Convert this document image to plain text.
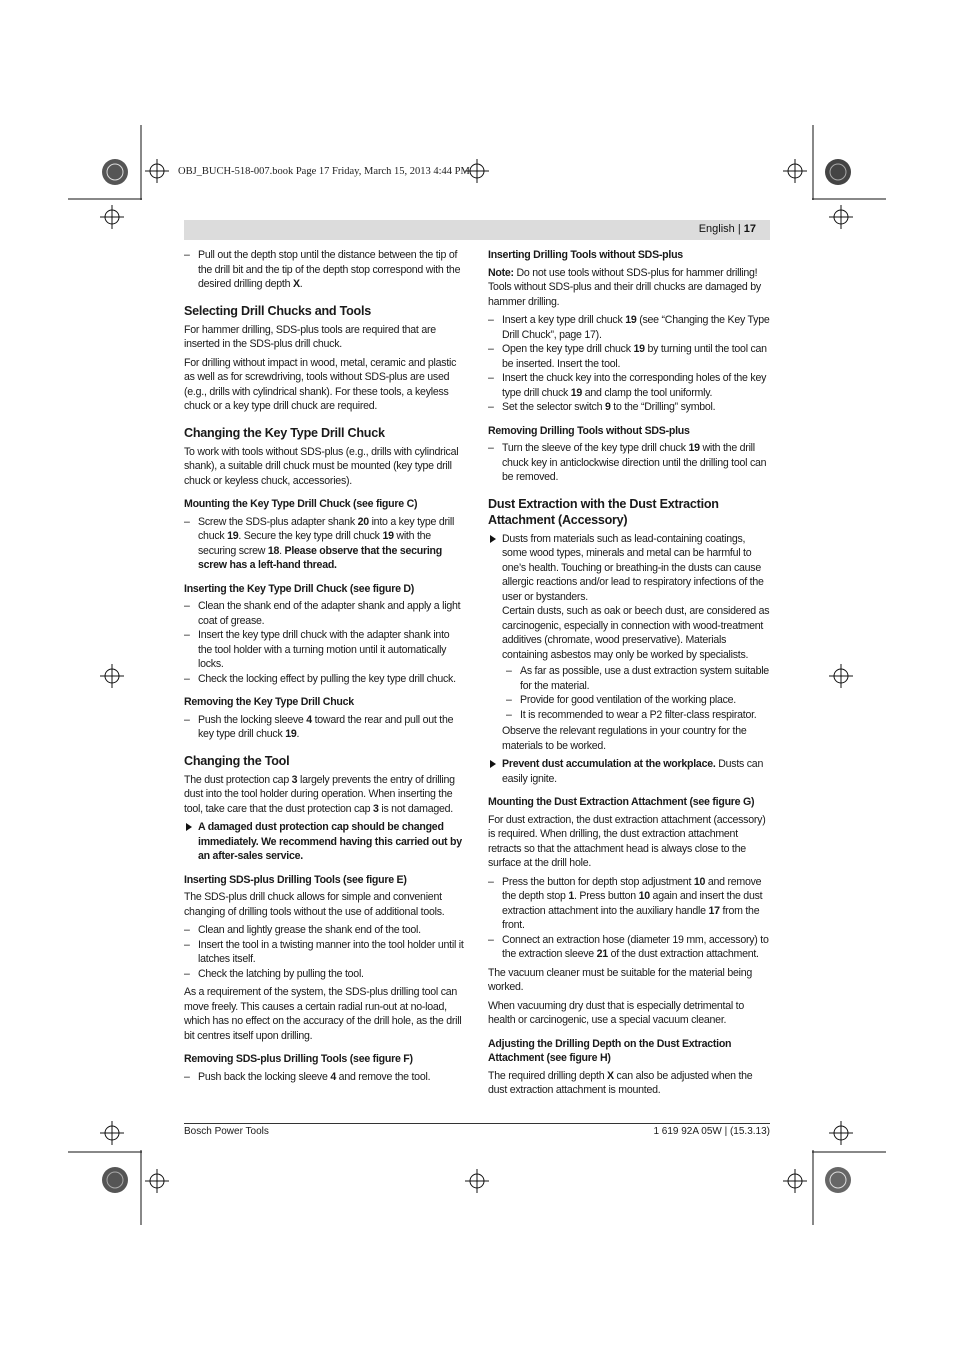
OBJ_BUCH-518-007.book Page 17 Friday, March 15, 2013 4:44 PM
English | 17
– Pull out the depth stop until the distance between the tip of the drill bit and the tip of the depth stop correspond with the desired drilling depth X.
Selecting Drill Chucks and Tools

For hammer drilling, SDS-plus tools are required that are inserted in the SDS-plus drill chuck.

For drilling without impact in wood, metal, ceramic and plastic as well as for screwdriving, tools without SDS-plus are used (e.g., drills with cylindrical shank). For these tools, a keyless chuck or a key type drill chuck are required.

Changing the Key Type Drill Chuck

To work with tools without SDS-plus (e.g., drills with cylindrical shank), a suitable drill chuck must be mounted (key type drill chuck or keyless chuck, accessories).

Mounting the Key Type Drill Chuck (see figure C)
– Screw the SDS-plus adapter shank 20 into a key type drill chuck 19. Secure the key type drill chuck 19 with the securing screw 18. Please observe that the securing screw has a left-hand thread.
Inserting the Key Type Drill Chuck (see figure D)
– Clean the shank end of the adapter shank and apply a light coat of grease.
– Insert the key type drill chuck with the adapter shank into the tool holder with a turning motion until it automatically locks.
– Check the locking effect by pulling the key type drill chuck.
Removing the Key Type Drill Chuck
– Push the locking sleeve 4 toward the rear and pull out the key type drill chuck 19.
Changing the Tool

The dust protection cap 3 largely prevents the entry of drilling dust into the tool holder during operation. When inserting the tool, take care that the dust protection cap 3 is not damaged.

A damaged dust protection cap should be changed immediately. We recommend having this carried out by an after-sales service.
Inserting SDS-plus Drilling Tools (see figure E)

The SDS-plus drill chuck allows for simple and convenient changing of drilling tools without the use of additional tools.

– Clean and lightly grease the shank end of the tool.
– Insert the tool in a twisting manner into the tool holder until it latches itself.
– Check the latching by pulling the tool.

As a requirement of the system, the SDS-plus drilling tool can move freely. This causes a certain radial run-out at no-load, which has no effect on the accuracy of the drill hole, as the drill bit centres itself upon drilling.

Removing SDS-plus Drilling Tools (see figure F)
– Push back the locking sleeve 4 and remove the tool.
Inserting Drilling Tools without SDS-plus

Note: Do not use tools without SDS-plus for hammer drilling! Tools without SDS-plus and their drill chucks are damaged by hammer drilling.

– Insert a key type drill chuck 19 (see “Changing the Key Type Drill Chuck”, page 17).
– Open the key type drill chuck 19 by turning until the tool can be inserted. Insert the tool.
– Insert the chuck key into the corresponding holes of the key type drill chuck 19 and clamp the tool uniformly.
– Set the selector switch 9 to the “Drilling” symbol.
Removing Drilling Tools without SDS-plus
– Turn the sleeve of the key type drill chuck 19 with the drill chuck key in anticlockwise direction until the drilling tool can be removed.
Dust Extraction with the Dust Extraction Attachment (Accessory)
Dusts from materials such as lead-containing coatings, some wood types, minerals and metal can be harmful to one’s health. Touching or breathing-in the dusts can cause allergic reactions and/or lead to respiratory infections of the user or bystanders.
Certain dusts, such as oak or beech dust, are considered as carcinogenic, especially in connection with wood-treatment additives (chromate, wood preservative). Materials containing asbestos may only be worked by specialists.
– As far as possible, use a dust extraction system suitable for the material.
– Provide for good ventilation of the working place.
– It is recommended to wear a P2 filter-class respirator.
Observe the relevant regulations in your country for the materials to be worked.
Prevent dust accumulation at the workplace. Dusts can easily ignite.
Mounting the Dust Extraction Attachment (see figure G)

For dust extraction, the dust extraction attachment (accessory) is required. When drilling, the dust extraction attachment retracts so that the attachment head is always close to the surface at the drill hole.

– Press the button for depth stop adjustment 10 and remove the depth stop 1. Press button 10 again and insert the dust extraction attachment into the auxiliary handle 17 from the front.
– Connect an extraction hose (diameter 19 mm, accessory) to the extraction sleeve 21 of the dust extraction attachment.

The vacuum cleaner must be suitable for the material being worked.

When vacuuming dry dust that is especially detrimental to health or carcinogenic, use a special vacuum cleaner.

Adjusting the Drilling Depth on the Dust Extraction Attachment (see figure H)

The required drilling depth X can also be adjusted when the dust extraction attachment is mounted.

Bosch Power Tools	1 619 92A 05W | (15.3.13)
